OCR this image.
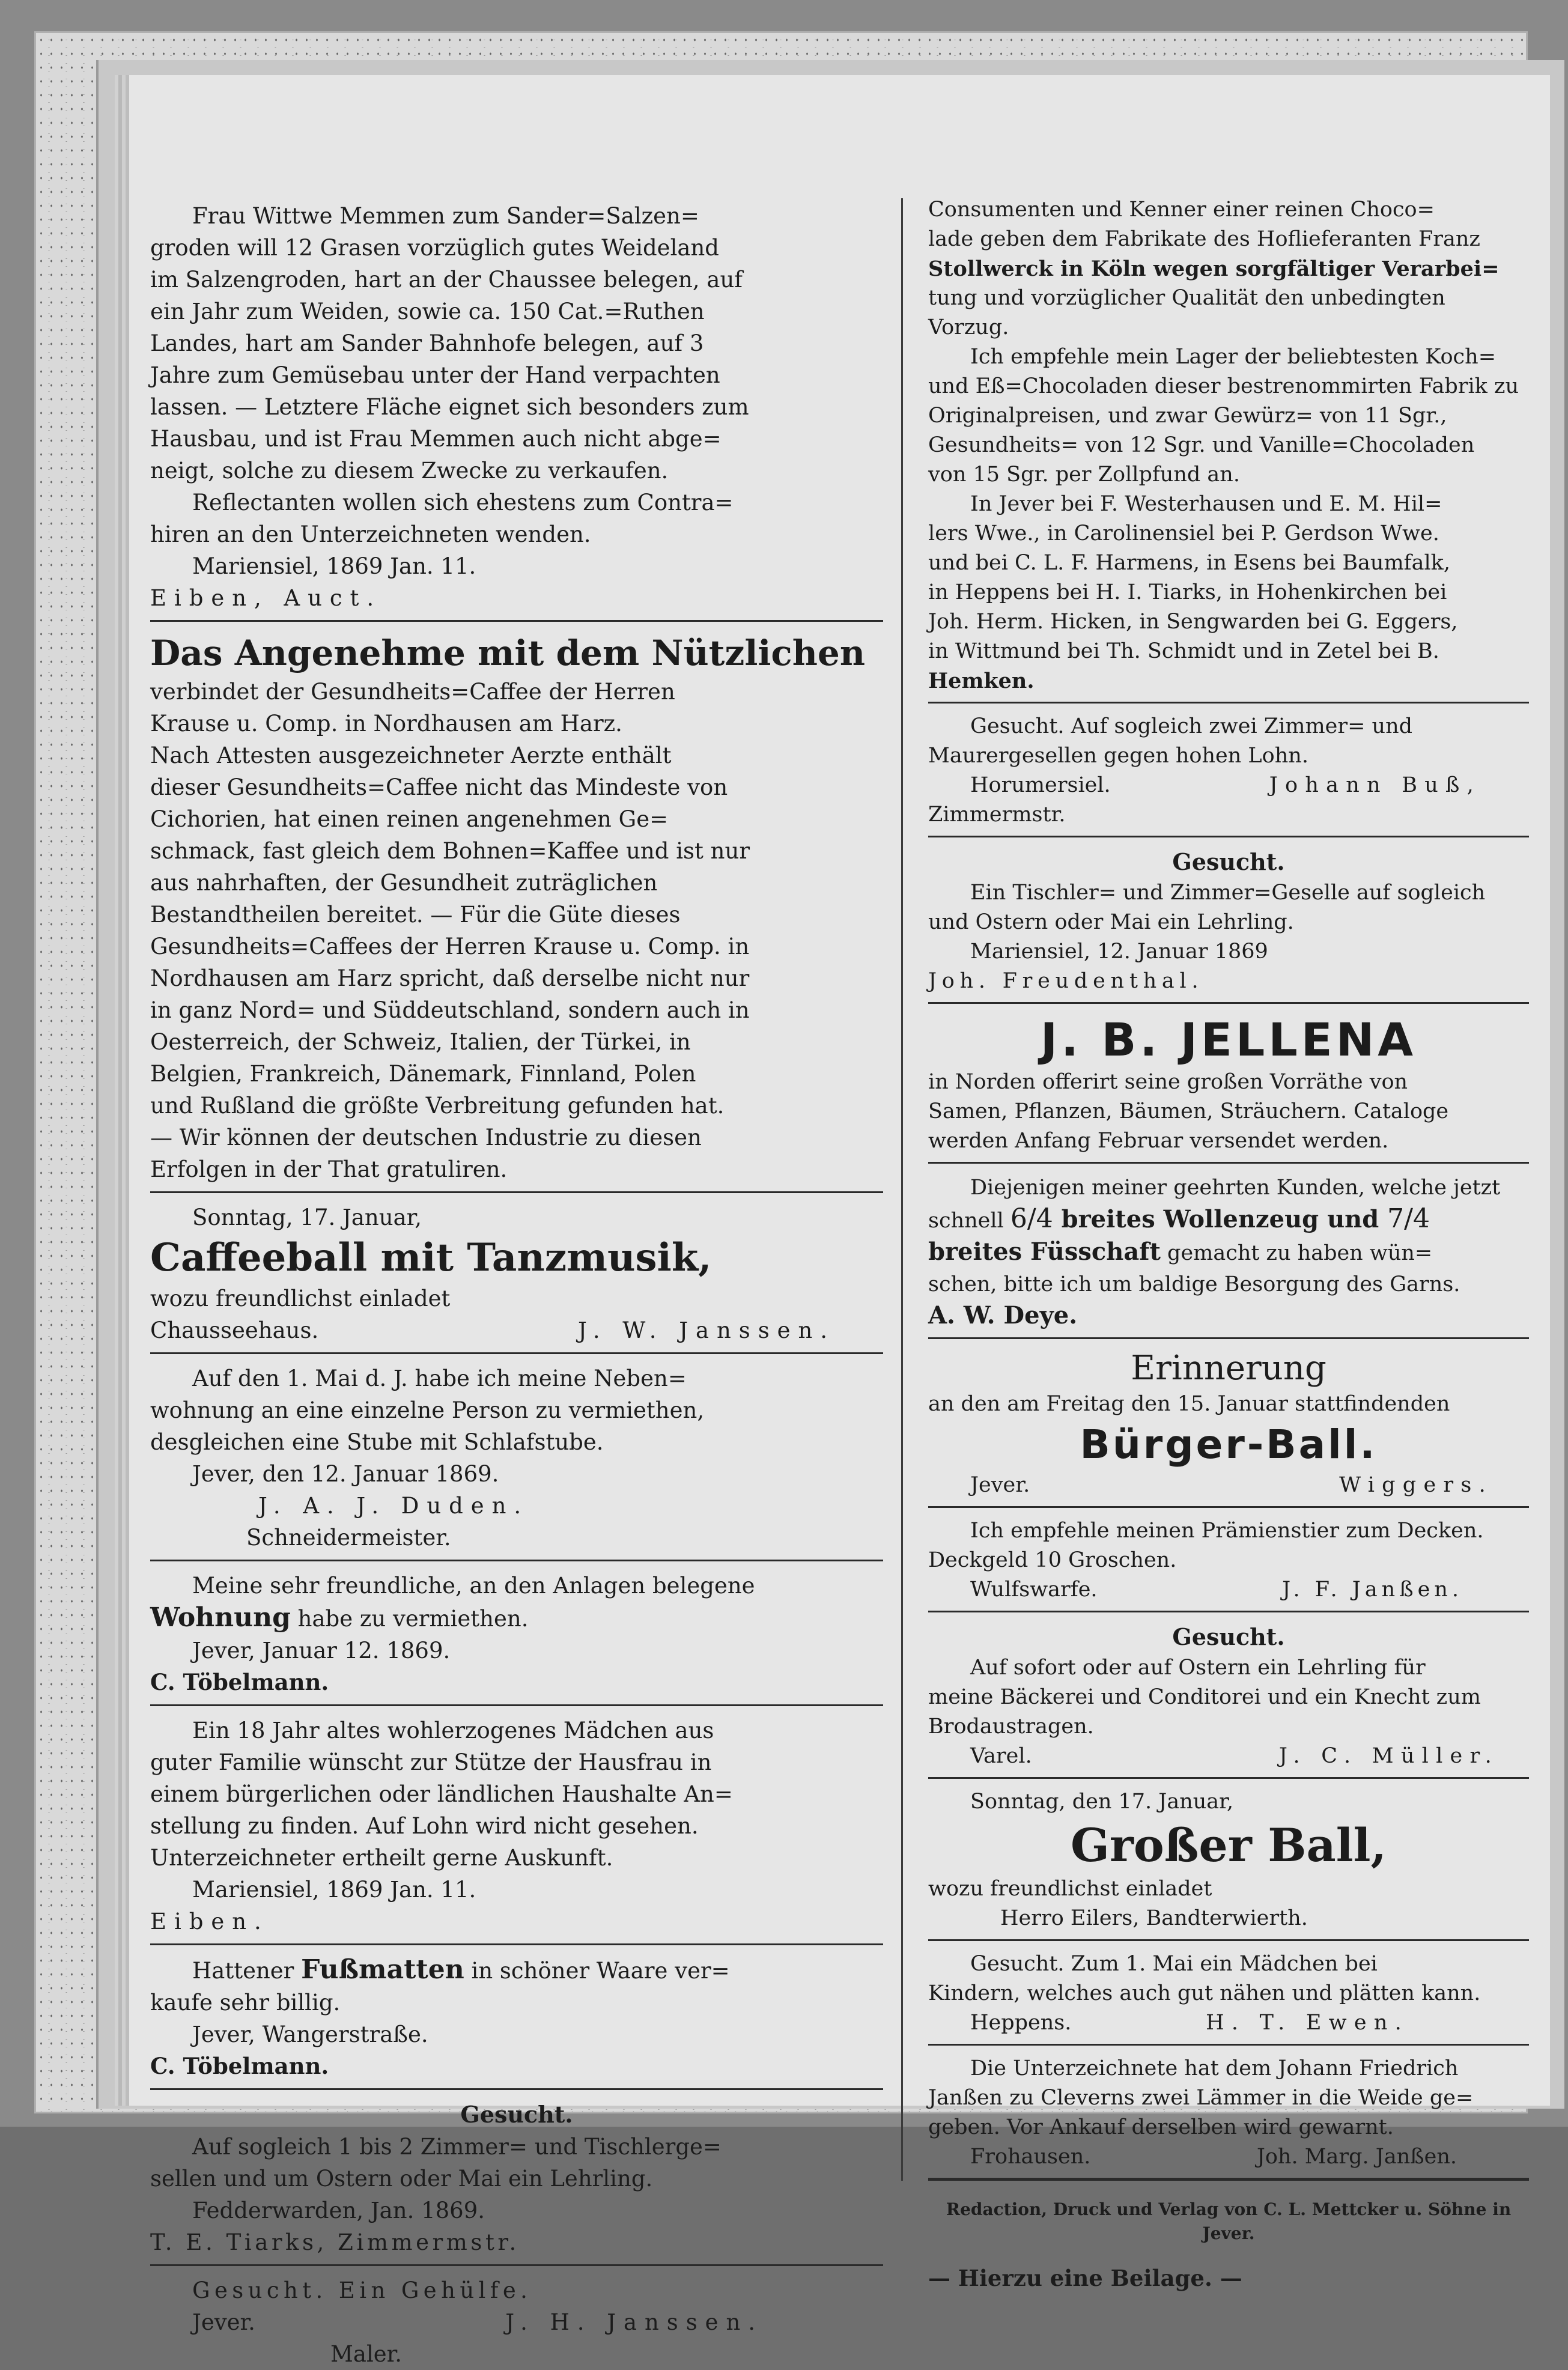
Frau Wittwe Memmen zum Sander=Salzen=

groden will 12 Grasen vorzüglich gutes Weideland

im Salzengroden, hart an der Chaussee belegen, auf

ein Jahr zum Weiden, sowie ca. 150 Cat.=Ruthen

Landes, hart am Sander Bahnhofe belegen, auf 3

Jahre zum Gemüsebau unter der Hand verpachten

lassen. — Letztere Fläche eignet sich besonders zum

Hausbau, und ist Frau Memmen auch nicht abge=

neigt, solche zu diesem Zwecke zu verkaufen.

Reflectanten wollen sich ehestens zum Contra=

hiren an den Unterzeichneten wenden.

Mariensiel, 1869 Jan. 11.

Eiben, Auct.

Das Angenehme mit dem Nützlichen

verbindet der Gesundheits=Caffee der Herren

Krause u. Comp. in Nordhausen am Harz.

Nach Attesten ausgezeichneter Aerzte enthält

dieser Gesundheits=Caffee nicht das Mindeste von

Cichorien, hat einen reinen angenehmen Ge=

schmack, fast gleich dem Bohnen=Kaffee und ist nur

aus nahrhaften, der Gesundheit zuträglichen

Bestandtheilen bereitet. — Für die Güte dieses

Gesundheits=Caffees der Herren Krause u. Comp. in

Nordhausen am Harz spricht, daß derselbe nicht nur

in ganz Nord= und Süddeutschland, sondern auch in

Oesterreich, der Schweiz, Italien, der Türkei, in

Belgien, Frankreich, Dänemark, Finnland, Polen

und Rußland die größte Verbreitung gefunden hat.

— Wir können der deutschen Industrie zu diesen

Erfolgen in der That gratuliren.

Sonntag, 17. Januar,

Caffeeball mit Tanzmusik,

wozu freundlichst einladet

Chausseehaus.	J. W. Janssen.

Auf den 1. Mai d. J. habe ich meine Neben=

wohnung an eine einzelne Person zu vermiethen,

desgleichen eine Stube mit Schlafstube.

Jever, den 12. Januar 1869.

J. A. J. Duden.

Schneidermeister.

Meine sehr freundliche, an den Anlagen belegene

Wohnung habe zu vermiethen.

Jever, Januar 12. 1869.

C. Töbelmann.

Ein 18 Jahr altes wohlerzogenes Mädchen aus

guter Familie wünscht zur Stütze der Hausfrau in

einem bürgerlichen oder ländlichen Haushalte An=

stellung zu finden. Auf Lohn wird nicht gesehen.

Unterzeichneter ertheilt gerne Auskunft.

Mariensiel, 1869 Jan. 11.

Eiben.

Hattener Fußmatten in schöner Waare ver=

kaufe sehr billig.

Jever, Wangerstraße.

C. Töbelmann.

Gesucht.

Auf sogleich 1 bis 2 Zimmer= und Tischlerge=

sellen und um Ostern oder Mai ein Lehrling.

Fedderwarden, Jan. 1869.

T. E. Tiarks, Zimmermstr.

Gesucht. Ein Gehülfe.

Jever.	J. H. Janssen.

Maler.

Consumenten und Kenner einer reinen Choco=

lade geben dem Fabrikate des Hoflieferanten Franz

Stollwerck in Köln wegen sorgfältiger Verarbei=

tung und vorzüglicher Qualität den unbedingten

Vorzug.

Ich empfehle mein Lager der beliebtesten Koch=

und Eß=Chocoladen dieser bestrenommirten Fabrik zu

Originalpreisen, und zwar Gewürz= von 11 Sgr.,

Gesundheits= von 12 Sgr. und Vanille=Chocoladen

von 15 Sgr. per Zollpfund an.

In Jever bei F. Westerhausen und E. M. Hil=

lers Wwe., in Carolinensiel bei P. Gerdson Wwe.

und bei C. L. F. Harmens, in Esens bei Baumfalk,

in Heppens bei H. I. Tiarks, in Hohenkirchen bei

Joh. Herm. Hicken, in Sengwarden bei G. Eggers,

in Wittmund bei Th. Schmidt und in Zetel bei B.

Hemken.

Gesucht. Auf sogleich zwei Zimmer= und

Maurergesellen gegen hohen Lohn.

Horumersiel.	Johann Buß,

Zimmermstr.

Gesucht.

Ein Tischler= und Zimmer=Geselle auf sogleich

und Ostern oder Mai ein Lehrling.

Mariensiel, 12. Januar 1869

Joh. Freudenthal.

J. B. JELLENA

in Norden offerirt seine großen Vorräthe von

Samen, Pflanzen, Bäumen, Sträuchern. Cataloge

werden Anfang Februar versendet werden.

Diejenigen meiner geehrten Kunden, welche jetzt

schnell 6/4 breites Wollenzeug und 7/4

breites Füsschaft gemacht zu haben wün=

schen, bitte ich um baldige Besorgung des Garns.

A. W. Deye.

Erinnerung

an den am Freitag den 15. Januar stattfindenden

Bürger-Ball.
Jever.	Wiggers.

Ich empfehle meinen Prämienstier zum Decken.

Deckgeld 10 Groschen.

Wulfswarfe.	J. F. Janßen.
Gesucht.

Auf sofort oder auf Ostern ein Lehrling für

meine Bäckerei und Conditorei und ein Knecht zum

Brodaustragen.

Varel.	J. C. Müller.

Sonntag, den 17. Januar,

Großer Ball,

wozu freundlichst einladet

Herro Eilers, Bandterwierth.

Gesucht. Zum 1. Mai ein Mädchen bei

Kindern, welches auch gut nähen und plätten kann.

Heppens.	H. T. Ewen.

Die Unterzeichnete hat dem Johann Friedrich

Janßen zu Cleverns zwei Lämmer in die Weide ge=

geben. Vor Ankauf derselben wird gewarnt.

Frohausen.	Joh. Marg. Janßen.

Redaction, Druck und Verlag von C. L. Mettcker u. Söhne in Jever.

— Hierzu eine Beilage. —
